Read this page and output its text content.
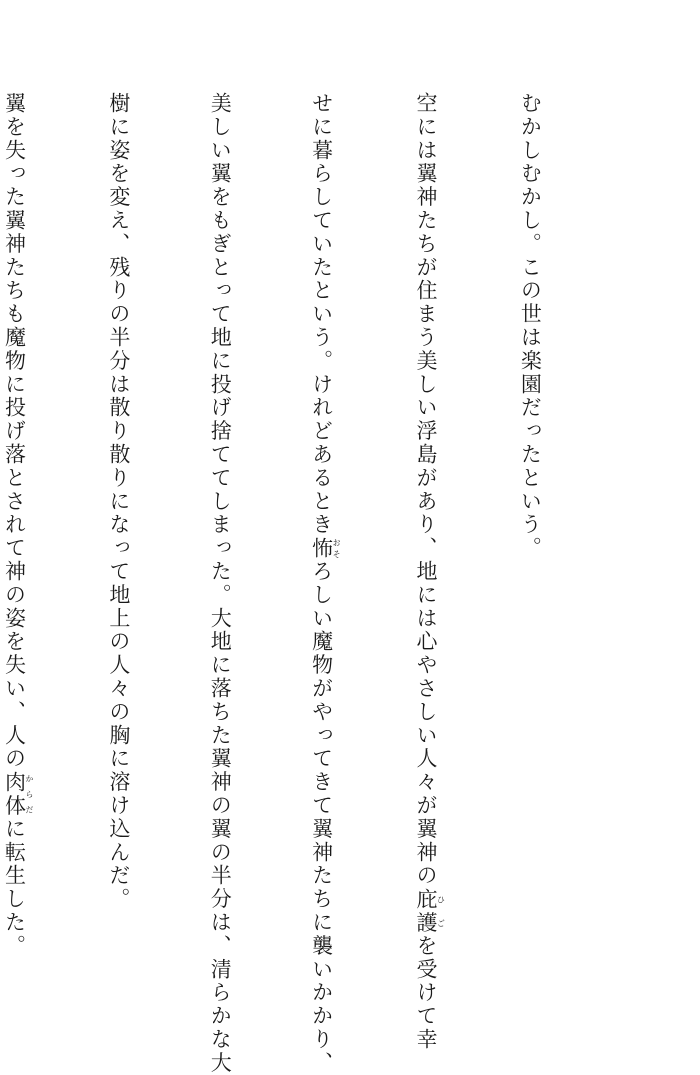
むかしむかし。この世は楽園だったという。

空には翼神たちが住まう美しい浮島があり、地には心やさしい人々が翼神の庇護ひごを受けて幸

せに暮らしていたという。けれどあるとき怖おそろしい魔物がやってきて翼神たちに襲いかかり、

美しい翼をもぎとって地に投げ捨ててしまった。大地に落ちた翼神の翼の半分は、清らかな大

樹に姿を変え、残りの半分は散り散りになって地上の人々の胸に溶け込んだ。

翼を失った翼神たちも魔物に投げ落とされて神の姿を失い、人の肉体からだに転生した。
